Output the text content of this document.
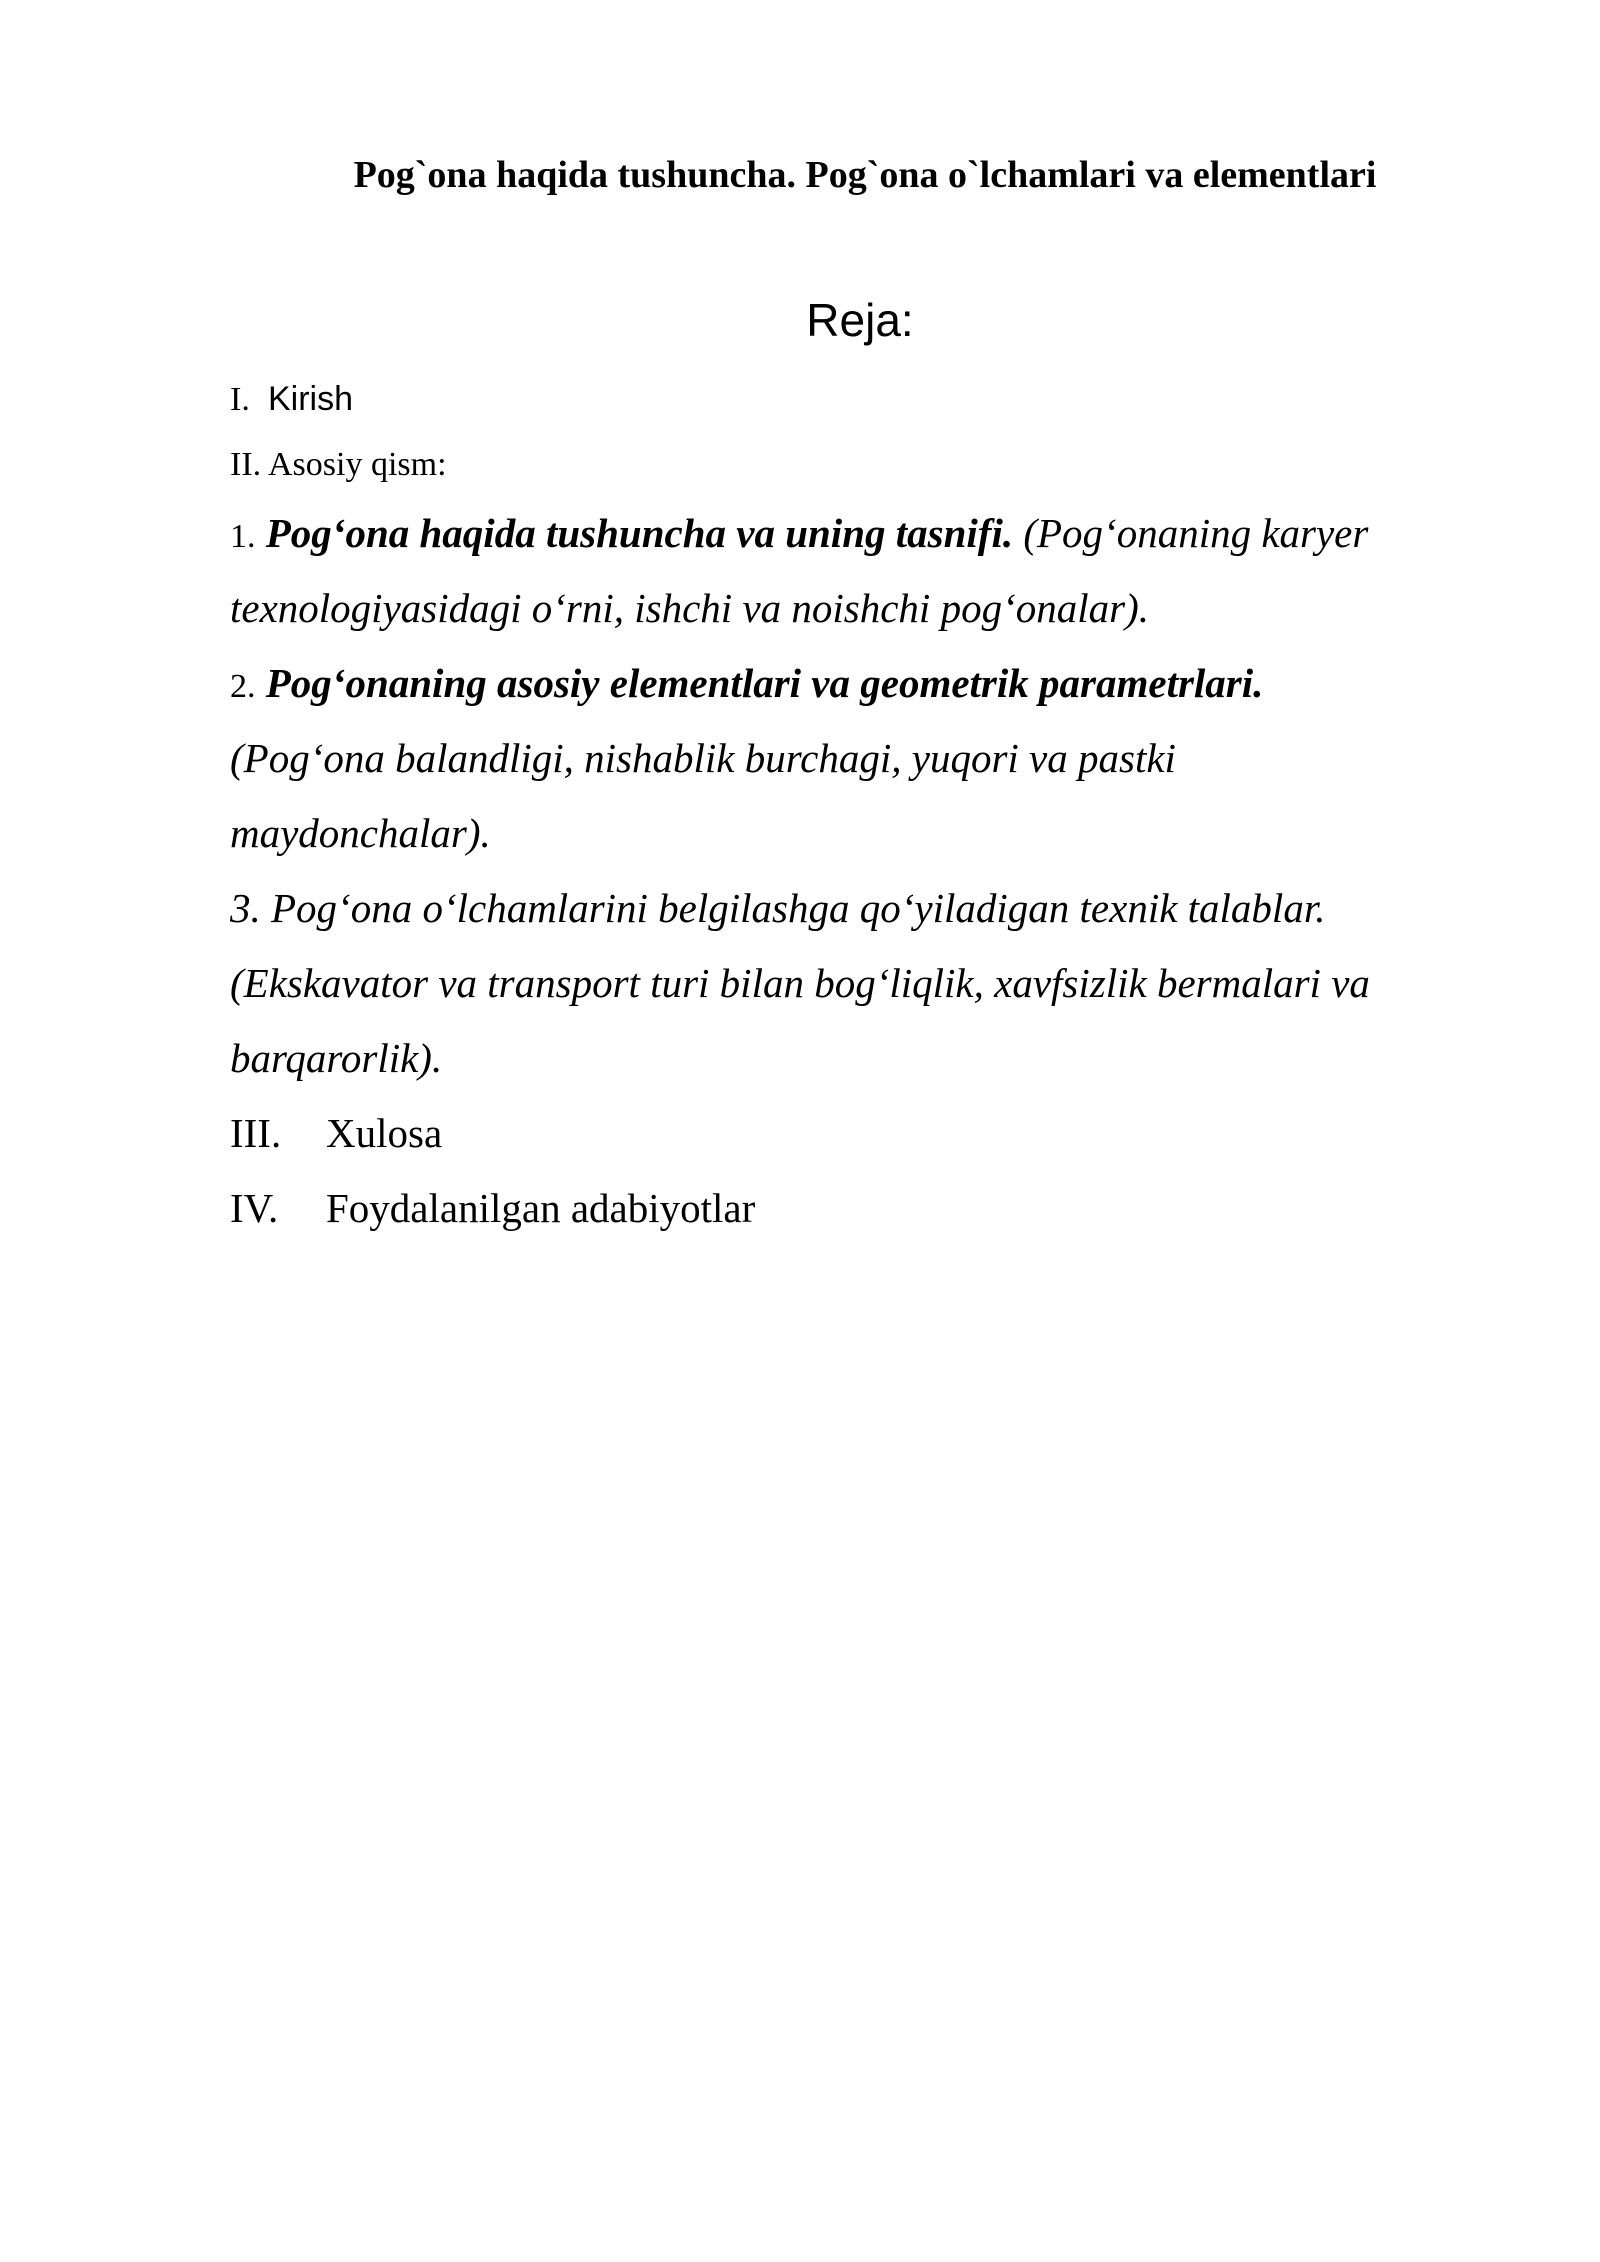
Pog`ona haqida tushuncha. Pog`ona o`lchamlari va elementlari
Reja:
I. Kirish
II. Asosiy qism:
1. Pog‘ona haqida tushuncha va uning tasnifi. (Pog‘onaning karyer
texnologiyasidagi o‘rni, ishchi va noishchi pog‘onalar).
2. Pog‘onaning asosiy elementlari va geometrik parametrlari.
(Pog‘ona balandligi, nishablik burchagi, yuqori va pastki
maydonchalar).
3. Pog‘ona o‘lchamlarini belgilashga qo‘yiladigan texnik talablar.
(Ekskavator va transport turi bilan bog‘liqlik, xavfsizlik bermalari va
barqarorlik).
III. Xulosa
IV. Foydalanilgan adabiyotlar
